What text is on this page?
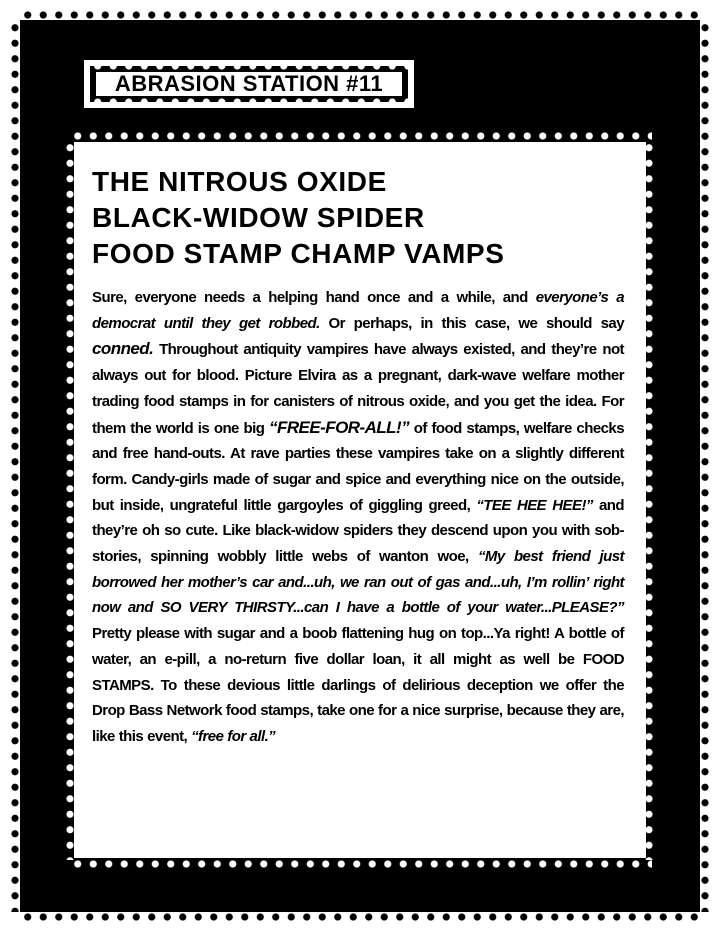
ABRASION STATION #11
THE NITROUS OXIDE
BLACK-WIDOW SPIDER
FOOD STAMP CHAMP VAMPS

Sure, everyone needs a helping hand once and a while, and everyone’s a democrat until they get robbed. Or perhaps, in this case, we should say conned. Throughout antiquity vampires have always existed, and they’re not always out for blood. Picture Elvira as a pregnant, dark-wave welfare mother trading food stamps in for canisters of nitrous oxide, and you get the idea. For them the world is one big “FREE-FOR-ALL!” of food stamps, welfare checks and free hand-outs. At rave parties these vampires take on a slightly different form. Candy-girls made of sugar and spice and everything nice on the outside, but inside, ungrateful little gargoyles of giggling greed, “TEE HEE HEE!” and they’re oh so cute. Like black-widow spiders they descend upon you with sob-stories, spinning wobbly little webs of wanton woe, “My best friend just borrowed her mother’s car and...uh, we ran out of gas and...uh, I’m rollin’ right now and SO VERY THIRSTY...can I have a bottle of your water...PLEASE?” Pretty please with sugar and a boob flattening hug on top...Ya right! A bottle of water, an e-pill, a no-return five dollar loan, it all might as well be FOOD STAMPS. To these devious little darlings of delirious deception we offer the Drop Bass Network food stamps, take one for a nice surprise, because they are, like this event, “free for all.”
